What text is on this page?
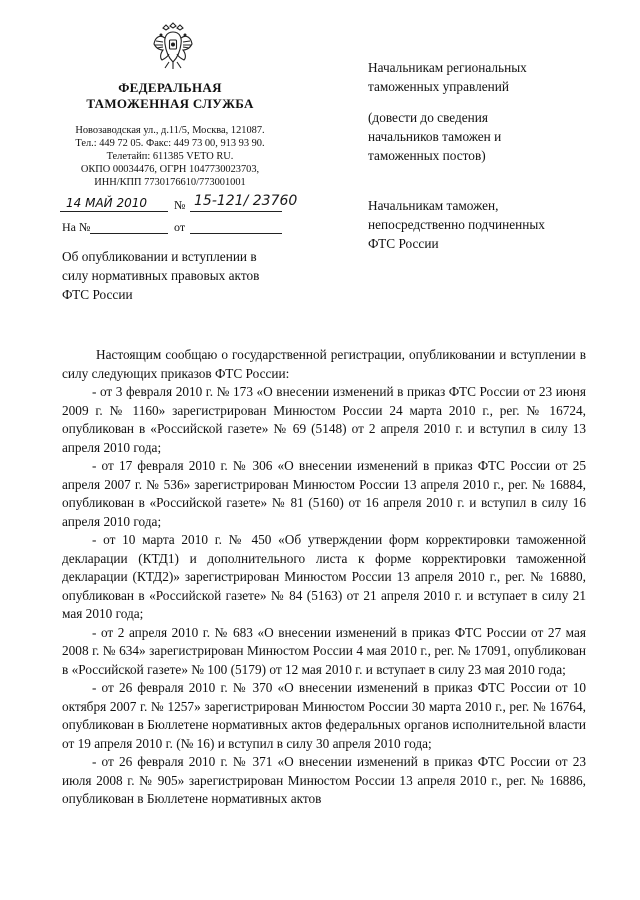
ФЕДЕРАЛЬНАЯ
ТАМОЖЕННАЯ СЛУЖБА
Новозаводская ул., д.11/5, Москва, 121087.
Тел.: 449 72 05. Факс: 449 73 00, 913 93 90.
Телетайп: 611385 VETO RU.
ОКПО 00034476, ОГРН 1047730023703,
ИНН/КПП 7730176610/773001001
14 МАЙ 2010 № 15-121/ 23760
На №	от
Начальникам региональных
таможенных управлений
(довести до сведения
начальников таможен и
таможенных постов)
Начальникам таможен,
непосредственно подчиненных
ФТС России
Об опубликовании и вступлении в
силу нормативных правовых актов
ФТС России

Настоящим сообщаю о государственной регистрации, опубликовании и вступлении в силу следующих приказов ФТС России:

- от 3 февраля 2010 г. № 173 «О внесении изменений в приказ ФТС России от 23 июня 2009 г. № 1160» зарегистрирован Минюстом России 24 марта 2010 г., рег. № 16724, опубликован в «Российской газете» № 69 (5148) от 2 апреля 2010 г. и вступил в силу 13 апреля 2010 года;

- от 17 февраля 2010 г. № 306 «О внесении изменений в приказ ФТС России от 25 апреля 2007 г. № 536» зарегистрирован Минюстом России 13 апреля 2010 г., рег. № 16884, опубликован в «Российской газете» № 81 (5160) от 16 апреля 2010 г. и вступил в силу 16 апреля 2010 года;

- от 10 марта 2010 г. № 450 «Об утверждении форм корректировки таможенной декларации (КТД1) и дополнительного листа к форме корректировки таможенной декларации (КТД2)» зарегистрирован Минюстом России 13 апреля 2010 г., рег. № 16880, опубликован в «Российской газете» № 84 (5163) от 21 апреля 2010 г. и вступает в силу 21 мая 2010 года;

- от 2 апреля 2010 г. № 683 «О внесении изменений в приказ ФТС России от 27 мая 2008 г. № 634» зарегистрирован Минюстом России 4 мая 2010 г., рег. № 17091, опубликован в «Российской газете» № 100 (5179) от 12 мая 2010 г. и вступает в силу 23 мая 2010 года;

- от 26 февраля 2010 г. № 370 «О внесении изменений в приказ ФТС России от 10 октября 2007 г. № 1257» зарегистрирован Минюстом России 30 марта 2010 г., рег. № 16764, опубликован в Бюллетене нормативных актов федеральных органов исполнительной власти от 19 апреля 2010 г. (№ 16) и вступил в силу 30 апреля 2010 года;

- от 26 февраля 2010 г. № 371 «О внесении изменений в приказ ФТС России от 23 июля 2008 г. № 905» зарегистрирован Минюстом России 13 апреля 2010 г., рег. № 16886, опубликован в Бюллетене нормативных актов
